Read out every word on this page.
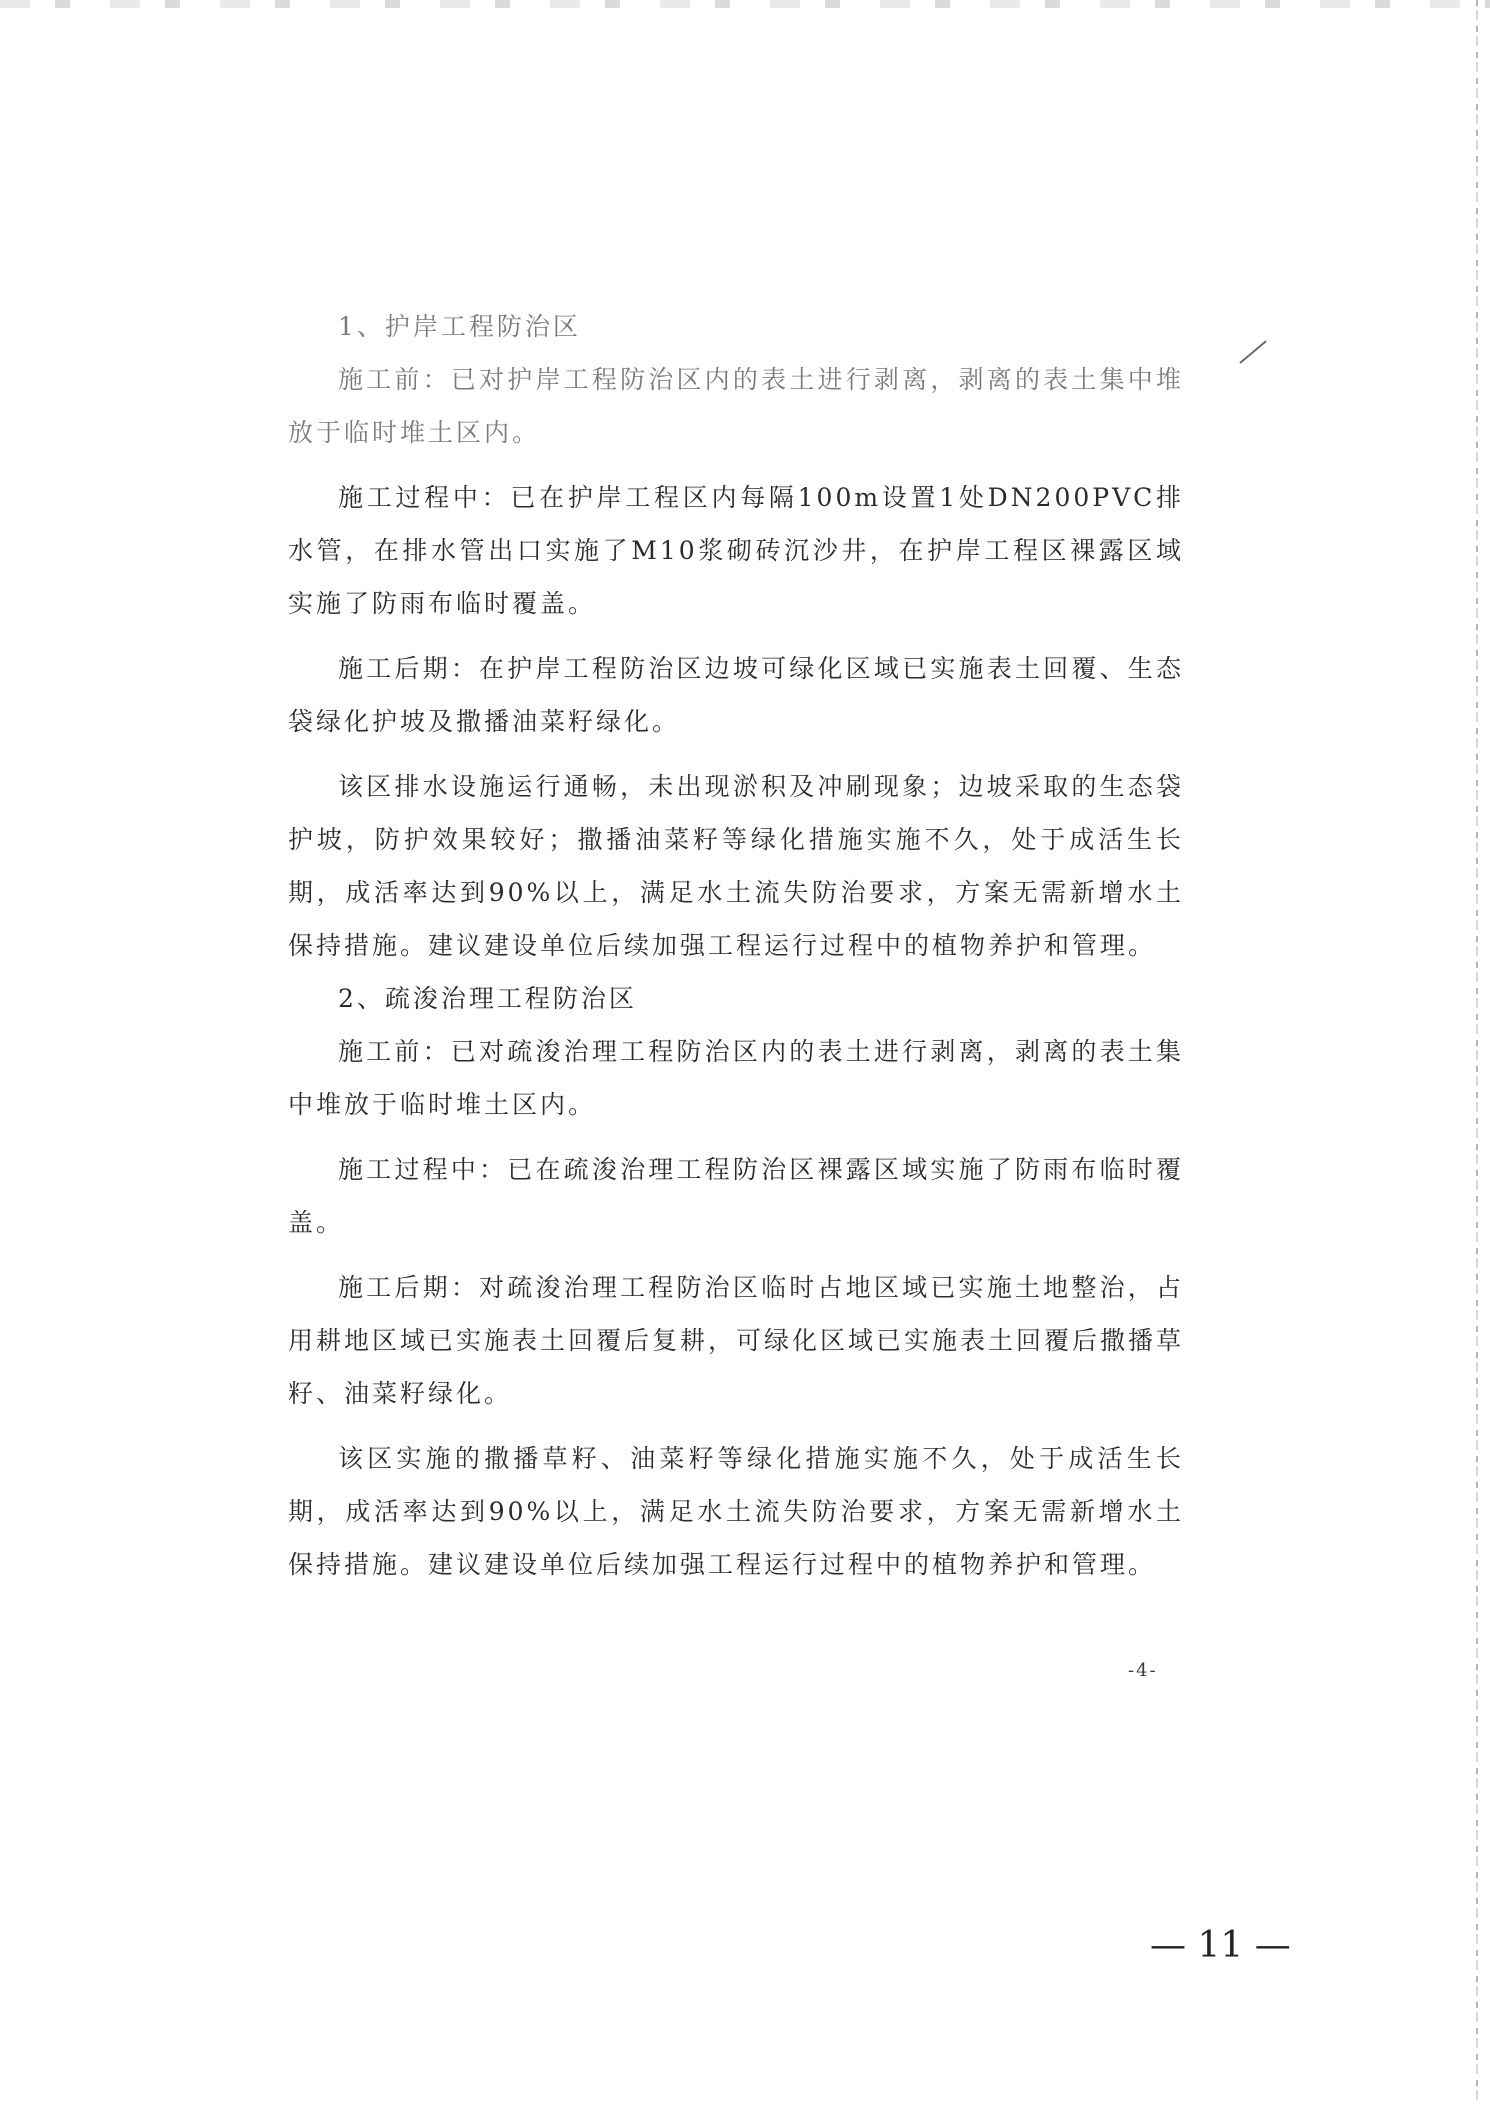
1、护岸工程防治区

施工前：已对护岸工程防治区内的表土进行剥离，剥离的表土集中堆放于临时堆土区内。

施工过程中：已在护岸工程区内每隔100m设置1处DN200PVC排水管，在排水管出口实施了M10浆砌砖沉沙井，在护岸工程区裸露区域实施了防雨布临时覆盖。

施工后期：在护岸工程防治区边坡可绿化区域已实施表土回覆、生态袋绿化护坡及撒播油菜籽绿化。

该区排水设施运行通畅，未出现淤积及冲刷现象；边坡采取的生态袋护坡，防护效果较好；撒播油菜籽等绿化措施实施不久，处于成活生长期，成活率达到90%以上，满足水土流失防治要求，方案无需新增水土保持措施。建议建设单位后续加强工程运行过程中的植物养护和管理。

2、疏浚治理工程防治区

施工前：已对疏浚治理工程防治区内的表土进行剥离，剥离的表土集中堆放于临时堆土区内。

施工过程中：已在疏浚治理工程防治区裸露区域实施了防雨布临时覆盖。

施工后期：对疏浚治理工程防治区临时占地区域已实施土地整治，占用耕地区域已实施表土回覆后复耕，可绿化区域已实施表土回覆后撒播草籽、油菜籽绿化。

该区实施的撒播草籽、油菜籽等绿化措施实施不久，处于成活生长期，成活率达到90%以上，满足水土流失防治要求，方案无需新增水土保持措施。建议建设单位后续加强工程运行过程中的植物养护和管理。

-4-
— 11 —
